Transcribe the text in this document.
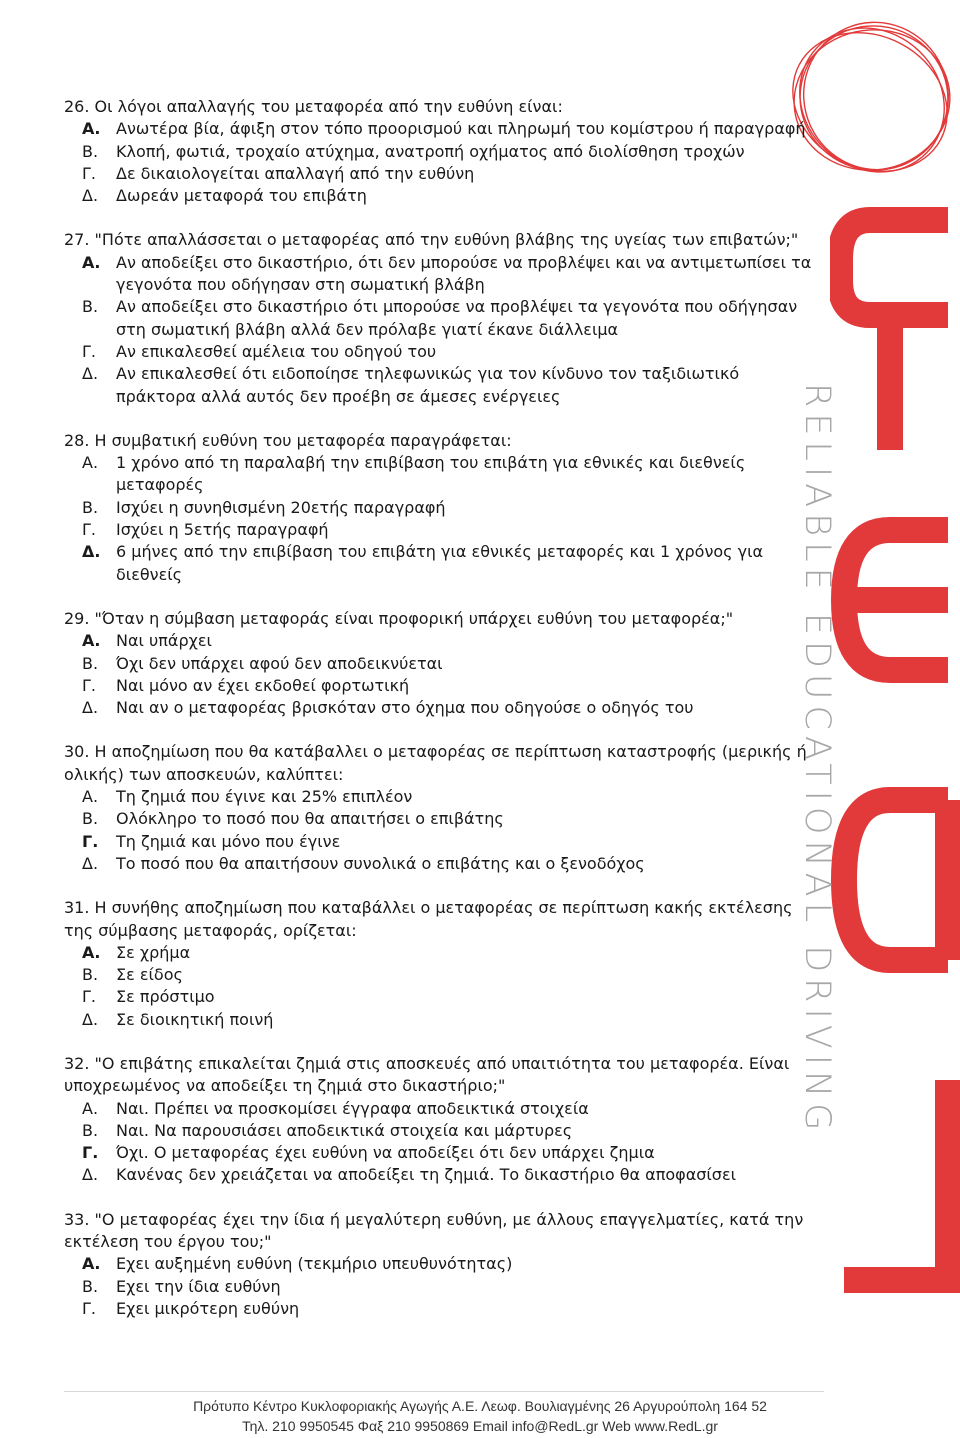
RELIABLE EDUCATIONAL DRIVING
26. Οι λόγοι απαλλαγής του μεταφορέα από την ευθύνη είναι:
Α. Ανωτέρα βία, άφιξη στον τόπο προορισμού και πληρωμή του κομίστρου ή παραγραφή
Β.	Κλοπή, φωτιά, τροχαίο ατύχημα, ανατροπή οχήματος από διολίσθηση τροχών
Γ.	Δε δικαιολογείται απαλλαγή από την ευθύνη
Δ.	Δωρεάν μεταφορά του επιβάτη
27. "Πότε απαλλάσσεται ο μεταφορέας από την ευθύνη βλάβης της υγείας των επιβατών;"
Α. Αν αποδείξει στο δικαστήριο, ότι δεν μπορούσε να προβλέψει και να αντιμετωπίσει τα γεγονότα που οδήγησαν στη σωματική βλάβη
Β.	Αν αποδείξει στο δικαστήριο ότι μπορούσε να προβλέψει τα γεγονότα που οδήγησαν στη σωματική βλάβη αλλά δεν πρόλαβε γιατί έκανε διάλλειμα
Γ.	Αν επικαλεσθεί αμέλεια του οδηγού του
Δ.	Αν επικαλεσθεί ότι ειδοποίησε τηλεφωνικώς για τον κίνδυνο τον ταξιδιωτικό πράκτορα αλλά αυτός δεν προέβη σε άμεσες ενέργειες
28. Η συμβατική ευθύνη του μεταφορέα παραγράφεται:
Α.	1 χρόνο από τη παραλαβή την επιβίβαση του επιβάτη για εθνικές και διεθνείς μεταφορές
Β.	Ισχύει η συνηθισμένη 20ετής παραγραφή
Γ.	Ισχύει η 5ετής παραγραφή
Δ. 6 μήνες από την επιβίβαση του επιβάτη για εθνικές μεταφορές και 1 χρόνος για διεθνείς
29. "Όταν η σύμβαση μεταφοράς είναι προφορική υπάρχει ευθύνη του μεταφορέα;"
Α. Ναι υπάρχει
Β.	Όχι δεν υπάρχει αφού δεν αποδεικνύεται
Γ.	Ναι μόνο αν έχει εκδοθεί φορτωτική
Δ.	Ναι αν ο μεταφορέας βρισκόταν στο όχημα που οδηγούσε ο οδηγός του
30. Η αποζημίωση που θα κατάβαλλει ο μεταφορέας σε περίπτωση καταστροφής (μερικής ή ολικής) των αποσκευών, καλύπτει:
Α.	Τη ζημιά που έγινε και 25% επιπλέον
Β.	Ολόκληρο το ποσό που θα απαιτήσει ο επιβάτης
Γ.	Τη ζημιά και μόνο που έγινε
Δ.	Το ποσό που θα απαιτήσουν συνολικά ο επιβάτης και ο ξενοδόχος
31. Η συνήθης αποζημίωση που καταβάλλει ο μεταφορέας σε περίπτωση κακής εκτέλεσης της σύμβασης μεταφοράς, ορίζεται:
Α. Σε χρήμα
Β.	Σε είδος
Γ.	Σε πρόστιμο
Δ.	Σε διοικητική ποινή
32. "Ο επιβάτης επικαλείται ζημιά στις αποσκευές από υπαιτιότητα του μεταφορέα. Είναι υποχρεωμένος να αποδείξει τη ζημιά στο δικαστήριο;"
Α.	Ναι. Πρέπει να προσκομίσει έγγραφα αποδεικτικά στοιχεία
Β.	Ναι. Να παρουσιάσει αποδεικτικά στοιχεία και μάρτυρες
Γ.	Όχι. Ο μεταφορέας έχει ευθύνη να αποδείξει ότι δεν υπάρχει ζημια
Δ.	Κανένας δεν χρειάζεται να αποδείξει τη ζημιά. Το δικαστήριο θα αποφασίσει
33. "Ο μεταφορέας έχει την ίδια ή μεγαλύτερη ευθύνη, με άλλους επαγγελματίες, κατά την εκτέλεση του έργου του;"
Α. Εχει αυξημένη ευθύνη (τεκμήριο υπευθυνότητας)
Β.	Εχει την ίδια ευθύνη
Γ.	Εχει μικρότερη ευθύνη
Πρότυπο Κέντρο Κυκλοφοριακής Αγωγής Α.Ε. Λεωφ. Βουλιαγμένης 26 Αργυρούπολη 164 52
Τηλ. 210 9950545 Φαξ 210 9950869 Email info@RedL.gr Web www.RedL.gr
